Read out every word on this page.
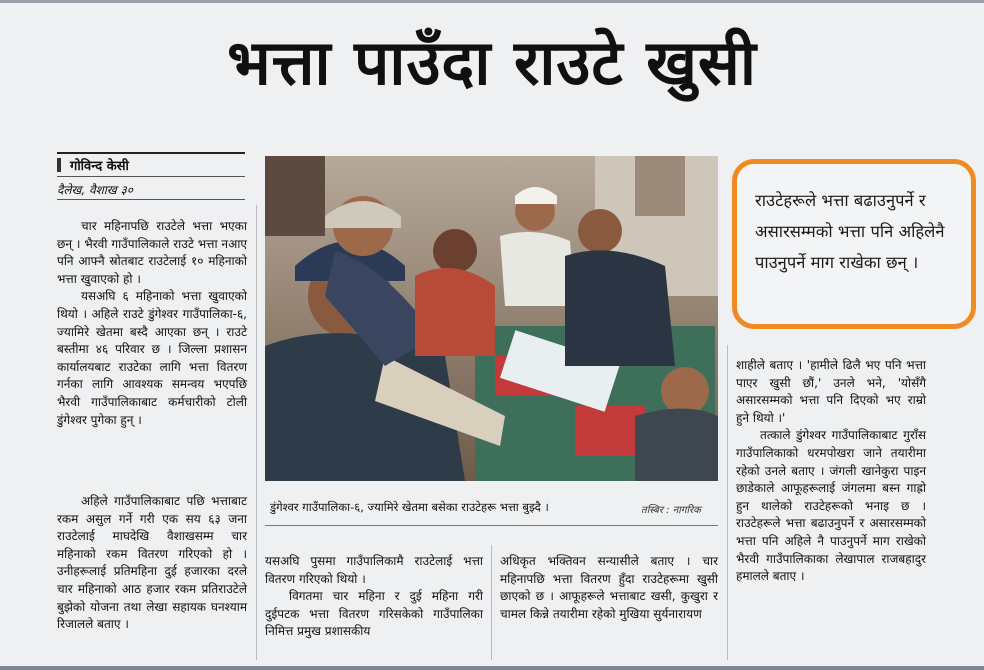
भत्ता पाउँदा राउटे खुसी
गोविन्द केसी
दैलेख, वैशाख ३०

चार महिनापछि राउटेले भत्ता भएका छन् । भैरवी गाउँपालिकाले राउटे भत्ता नआए पनि आफ्नै स्रोतबाट राउटेलाई १० महिनाको भत्ता खुवाएको हो ।

यसअघि ६ महिनाको भत्ता खुवाएको थियो । अहिले राउटे डुंगेश्वर गाउँपालिका-६, ज्यामिरे खेतमा बस्दै आएका छन् । राउटे बस्तीमा ४६ परिवार छ । जिल्ला प्रशासन कार्यालयबाट राउटेका लागि भत्ता वितरण गर्नका लागि आवश्यक समन्वय भएपछि भैरवी गाउँपालिकाबाट कर्मचारीको टोली डुंगेश्वर पुगेका हुन् ।

अहिले गाउँपालिकाबाट पछि भत्ताबाट रकम असुल गर्ने गरी एक सय ६३ जना राउटेलाई माघदेखि वैशाखसम्म चार महिनाको रकम वितरण गरिएको हो । उनीहरूलाई प्रतिमहिना दुई हजारका दरले चार महिनाको आठ हजार रकम प्रतिराउटेले बुझेको योजना तथा लेखा सहायक घनश्याम रिजालले बताए ।

डुंगेश्वर गाउँपालिका-६, ज्यामिरे खेतमा बसेका राउटेहरू भत्ता बुझ्दै ।	तस्बिर : नागरिक

यसअघि पुसमा गाउँपालिकामै राउटेलाई भत्ता वितरण गरिएको थियो ।

विगतमा चार महिना र दुई महिना गरी दुईपटक भत्ता वितरण गरिसकेको गाउँपालिका निमित्त प्रमुख प्रशासकीय

अधिकृत भक्तिवन सन्यासीले बताए । चार महिनापछि भत्ता वितरण हुँदा राउटेहरूमा खुसी छाएको छ । आफूहरूले भत्ताबाट खसी, कुखुरा र चामल किन्ने तयारीमा रहेको मुखिया सुर्यनारायण

राउटेहरूले भत्ता बढाउनुपर्ने र असारसम्मको भत्ता पनि अहिलेनै पाउनुपर्ने माग राखेका छन् ।

शाहीले बताए । 'हामीले ढिलै भए पनि भत्ता पाएर खुसी छौं,' उनले भने, 'योसँगै असारसम्मको भत्ता पनि दिएको भए राम्रो हुने थियो ।'

तत्काले डुंगेश्वर गाउँपालिकाबाट गुराँस गाउँपालिकाको धरमपोखरा जाने तयारीमा रहेको उनले बताए । जंगली खानेकुरा पाइन छाडेकाले आफूहरूलाई जंगलमा बस्न गाह्रो हुन थालेको राउटेहरूको भनाइ छ । राउटेहरूले भत्ता बढाउनुपर्ने र असारसम्मको भत्ता पनि अहिले नै पाउनुपर्ने माग राखेको भैरवी गाउँपालिकाका लेखापाल राजबहादुर हमालले बताए ।
